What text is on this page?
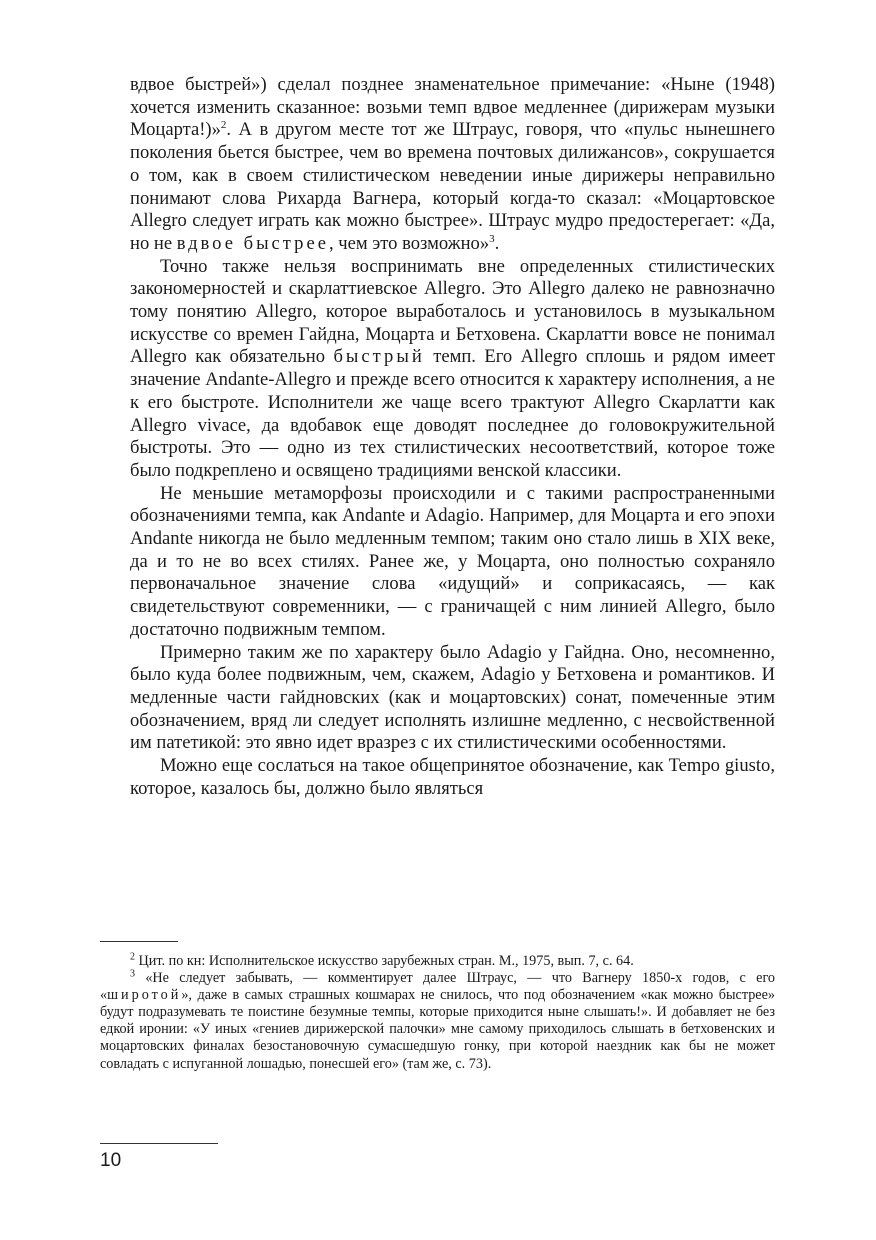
вдвое быстрей») сделал позднее знаменательное примечание: «Ныне (1948) хочется изменить сказанное: возьми темп вдвое медленнее (дирижерам музыки Моцарта!)»$^2$. А в другом месте тот же Штраус, говоря, что «пульс нынешнего поколения бьется быстрее, чем во времена почтовых дилижансов», сокрушается о том, как в своем стилистическом неведении иные дирижеры неправильно понимают слова Рихарда Вагнера, который когда-то сказал: «Моцартовское Allegro следует играть как можно быстрее». Штраус мудро предостерегает: «Да, но не вдвое быстрее, чем это возможно»$^3$.

Точно также нельзя воспринимать вне определенных стилистических закономерностей и скарлаттиевское Allegro. Это Allegro далеко не равнозначно тому понятию Allegro, которое выработалось и установилось в музыкальном искусстве со времен Гайдна, Моцарта и Бетховена. Скарлатти вовсе не понимал Allegro как обязательно быстрый темп. Его Allegro сплошь и рядом имеет значение Andante-Allegro и прежде всего относится к характеру исполнения, а не к его быстроте. Исполнители же чаще всего трактуют Allegro Скарлатти как Allegro vivace, да вдобавок еще доводят последнее до головокружительной быстроты. Это — одно из тех стилистических несоответствий, которое тоже было подкреплено и освящено традициями венской классики.

Не меньшие метаморфозы происходили и с такими распространенными обозначениями темпа, как Andante и Adagio. Например, для Моцарта и его эпохи Andante никогда не было медленным темпом; таким оно стало лишь в XIX веке, да и то не во всех стилях. Ранее же, у Моцарта, оно полностью сохраняло первоначальное значение слова «идущий» и соприкасаясь, — как свидетельствуют современники, — с граничащей с ним линией Allegro, было достаточно подвижным темпом.

Примерно таким же по характеру было Adagio у Гайдна. Оно, несомненно, было куда более подвижным, чем, скажем, Adagio у Бетховена и романтиков. И медленные части гайдновских (как и моцартовских) сонат, помеченные этим обозначением, вряд ли следует исполнять излишне медленно, с несвойственной им патетикой: это явно идет вразрез с их стилистическими особенностями.

Можно еще сослаться на такое общепринятое обозначение, как Tempo giusto, которое, казалось бы, должно было являться

$^2$ Цит. по кн: Исполнительское искусство зарубежных стран. М., 1975, вып. 7, с. 64.

$^3$ «Не следует забывать, — комментирует далее Штраус, — что Вагнеру 1850-х годов, с его «широтой», даже в самых страшных кошмарах не снилось, что под обозначением «как можно быстрее» будут подразумевать те поистине безумные темпы, которые приходится ныне слышать!». И добавляет не без едкой иронии: «У иных «гениев дирижерской палочки» мне самому приходилось слышать в бетховенских и моцартовских финалах безостановочную сумасшедшую гонку, при которой наездник как бы не может совладать с испуганной лошадью, понесшей его» (там же, с. 73).

10
